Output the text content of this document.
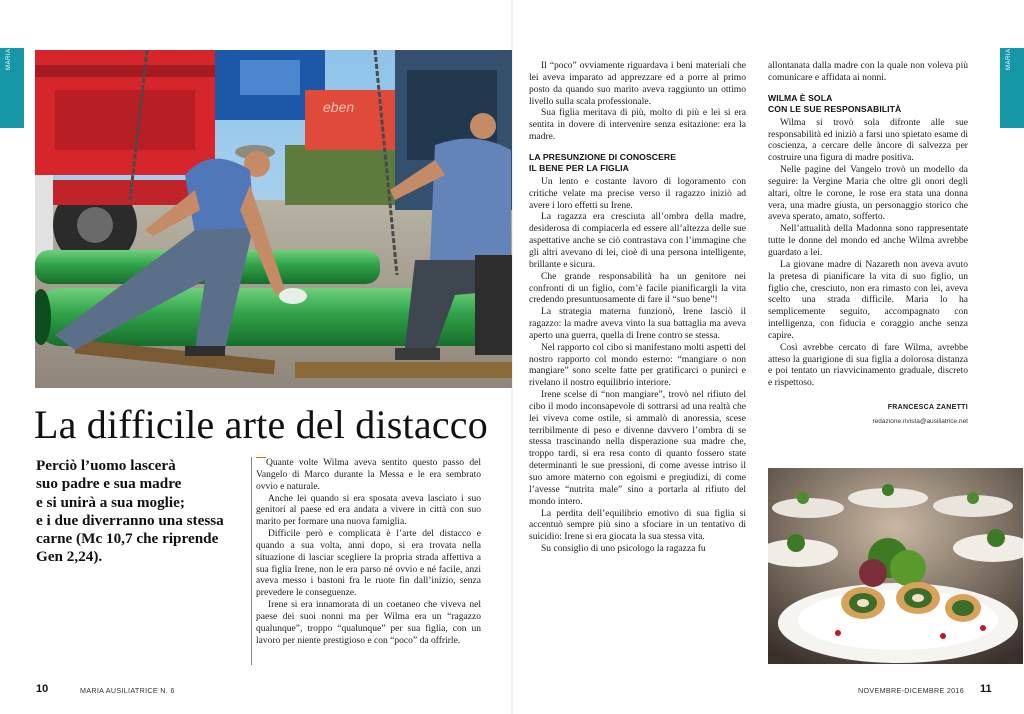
MARIA	MARIA
eben
La difficile arte del distacco
Perciò l’uomo lascerà
suo padre e sua madre
e si unirà a sua moglie;
e i due diverranno una stessa
carne (Mc 10,7 che riprende
Gen 2,24).

Quante volte Wilma aveva sentito questo passo del Vangelo di Marco durante la Messa e le era sembrato ovvio e naturale.

Anche lei quando si era sposata aveva lasciato i suo genitori al paese ed era andata a vivere in città con suo marito per formare una nuova famiglia.

Difficile però e complicata è l’arte del distacco e quando a sua volta, anni dopo, si era trovata nella situazione di lasciar scegliere la propria strada affettiva a sua figlia Irene, non le era parso né ovvio e né facile, anzi aveva messo i bastoni fra le ruote fin dall’inizio, senza prevedere le conseguenze.

Irene si era innamorata di un coetaneo che viveva nel paese dei suoi nonni ma per Wilma era un “ragazzo qualunque”, troppo “qualunque” per sua figlia, con un lavoro per niente prestigioso e con “poco” da offrirle.

Il “poco” ovviamente riguardava i beni materiali che lei aveva imparato ad apprezzare ed a porre al primo posto da quando suo marito aveva raggiunto un ottimo livello sulla scala professionale.

Sua figlia meritava di più, molto di più e lei si era sentita in dovere di intervenire senza esitazione: era la madre.

LA PRESUNZIONE DI CONOSCERE
IL BENE PER LA FIGLIA

Un lento e costante lavoro di logoramento con critiche velate ma precise verso il ragazzo iniziò ad avere i loro effetti su Irene.

La ragazza era cresciuta all’ombra della madre, desiderosa di compiacerla ed essere all’altezza delle sue aspettative anche se ciò contrastava con l’immagine che gli altri avevano di lei, cioè di una persona intelligente, brillante e sicura.

Che grande responsabilità ha un genitore nei confronti di un figlio, com’è facile pianificargli la vita credendo presuntuosamente di fare il “suo bene”!

La strategia materna funzionò, Irene lasciò il ragazzo: la madre aveva vinto la sua battaglia ma aveva aperto una guerra, quella di Irene contro se stessa.

Nel rapporto col cibo si manifestano molti aspetti del nostro rapporto col mondo esterno: “mangiare o non mangiare” sono scelte fatte per gratificarci o punirci e rivelano il nostro equilibrio interiore.

Irene scelse di “non mangiare”, trovò nel rifiuto del cibo il modo inconsapevole di sottrarsi ad una realtà che lei viveva come ostile, si ammalò di anoressia, scese terribilmente di peso e divenne davvero l’ombra di se stessa trascinando nella disperazione sua madre che, troppo tardi, si era resa conto di quanto fossero state determinanti le sue pressioni, di come avesse intriso il suo amore materno con egoismi e pregiudizi, di come l’avesse “nutrita male” sino a portarla al rifiuto del mondo intero.

La perdita dell’equilibrio emotivo di sua figlia si accentuò sempre più sino a sfociare in un tentativo di suicidio: Irene si era giocata la sua stessa vita.

Su consiglio di uno psicologo la ragazza fu

allontanata dalla madre con la quale non voleva più comunicare e affidata ai nonni.

WILMA È SOLA
CON LE SUE RESPONSABILITÀ

Wilma si trovò sola difronte alle sue responsabilità ed iniziò a farsi uno spietato esame di coscienza, a cercare delle àncore di salvezza per costruire una figura di madre positiva.

Nelle pagine del Vangelo trovò un modello da seguire: la Vergine Maria che oltre gli onori degli altari, oltre le corone, le rose era stata una donna vera, una madre giusta, un personaggio storico che aveva sperato, amato, sofferto.

Nell’attualità della Madonna sono rappresentate tutte le donne del mondo ed anche Wilma avrebbe guardato a lei.

La giovane madre di Nazareth non aveva avuto la pretesa di pianificare la vita di suo figlio, un figlio che, cresciuto, non era rimasto con lei, aveva scelto una strada difficile. Maria lo ha semplicemente seguito, accompagnato con intelligenza, con fiducia e coraggio anche senza capire.

Così avrebbe cercato di fare Wilma, avrebbe atteso la guarigione di sua figlia a dolorosa distanza e poi tentato un riavvicinamento graduale, discreto e rispettoso.

FRANCESCA ZANETTI
redazione.rivista@ausiliatrice.net
10	MARIA AUSILIATRICE N. 6	NOVEMBRE-DICEMBRE 2016 11
